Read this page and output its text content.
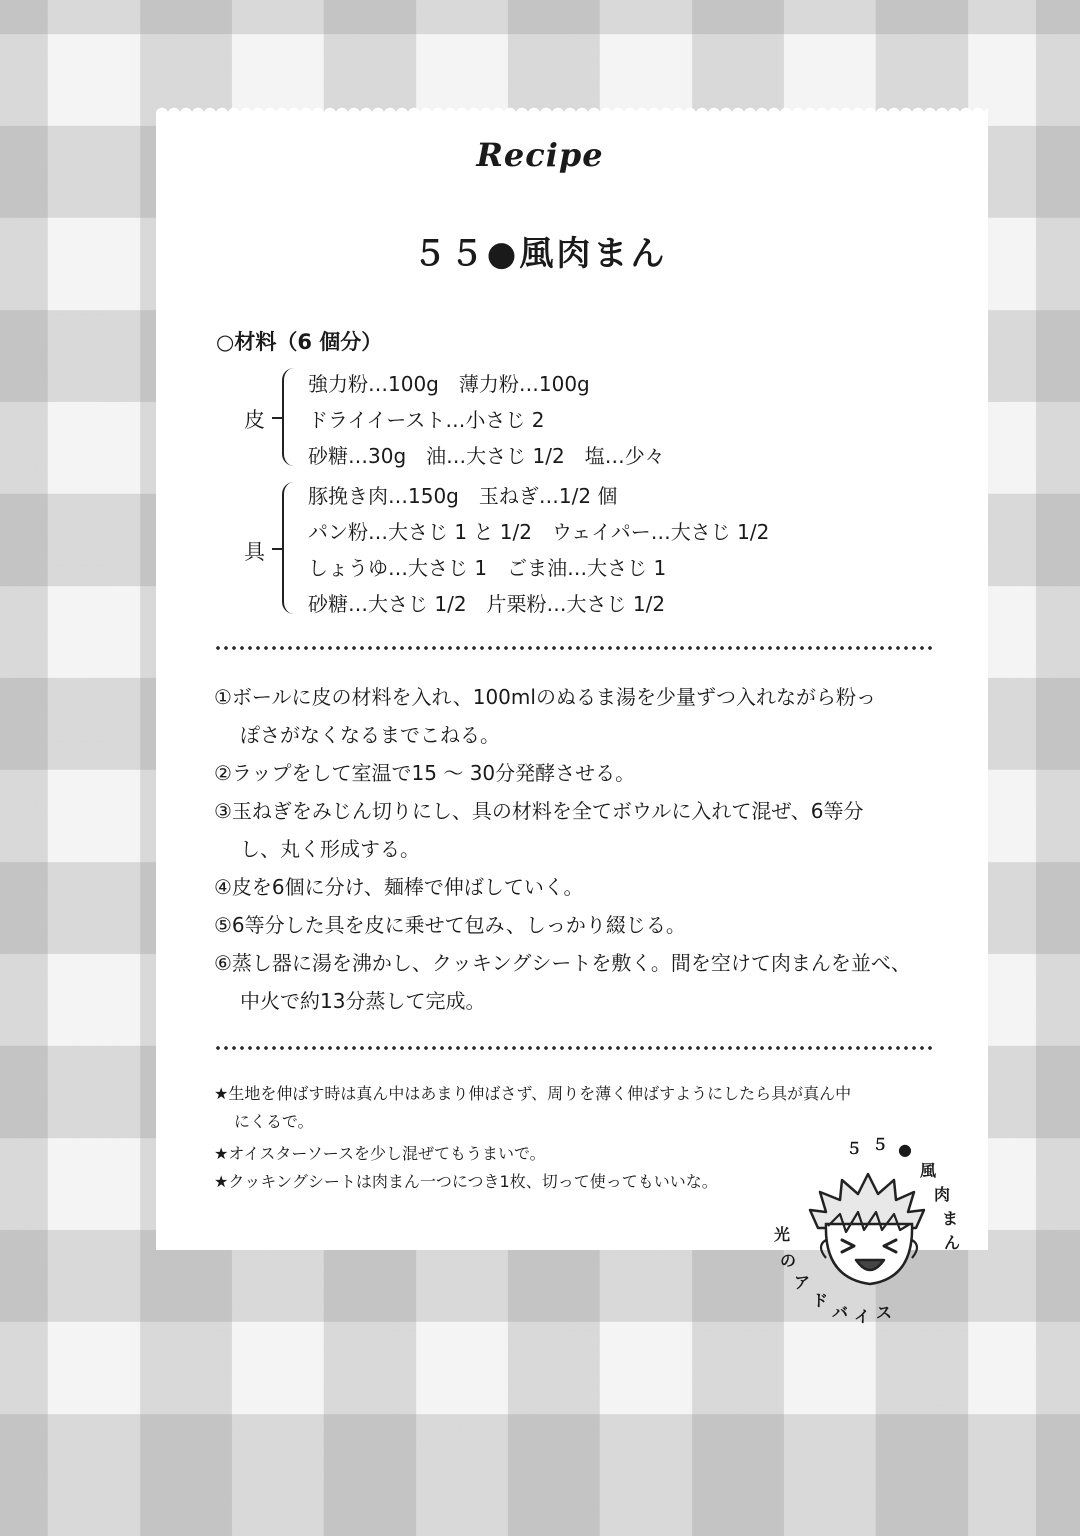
Recipe
５５●風肉まん
○材料（6 個分）
皮
強力粉…100g　薄力粉…100g
ドライイースト…小さじ 2
砂糖…30g　油…大さじ 1/2　塩…少々
具
豚挽き肉…150g　玉ねぎ…1/2 個
パン粉…大さじ 1 と 1/2　ウェイパー…大さじ 1/2
しょうゆ…大さじ 1　ごま油…大さじ 1
砂糖…大さじ 1/2　片栗粉…大さじ 1/2
①ボールに皮の材料を入れ、100mlのぬるま湯を少量ずつ入れながら粉っ
ぽさがなくなるまでこねる。
②ラップをして室温で15 〜 30分発酵させる。
③玉ねぎをみじん切りにし、具の材料を全てボウルに入れて混ぜ、6等分
し、丸く形成する。
④皮を6個に分け、麺棒で伸ばしていく。
⑤6等分した具を皮に乗せて包み、しっかり綴じる。
⑥蒸し器に湯を沸かし、クッキングシートを敷く。間を空けて肉まんを並べ、
中火で約13分蒸して完成。
★生地を伸ばす時は真ん中はあまり伸ばさず、周りを薄く伸ばすようにしたら具が真ん中
にくるで。
★オイスターソースを少し混ぜてもうまいで。
★クッキングシートは肉まん一つにつき1枚、切って使ってもいいな。
５ ５ ●
風
肉
ま
ん
光
の
ア
ド
バ イ ス
